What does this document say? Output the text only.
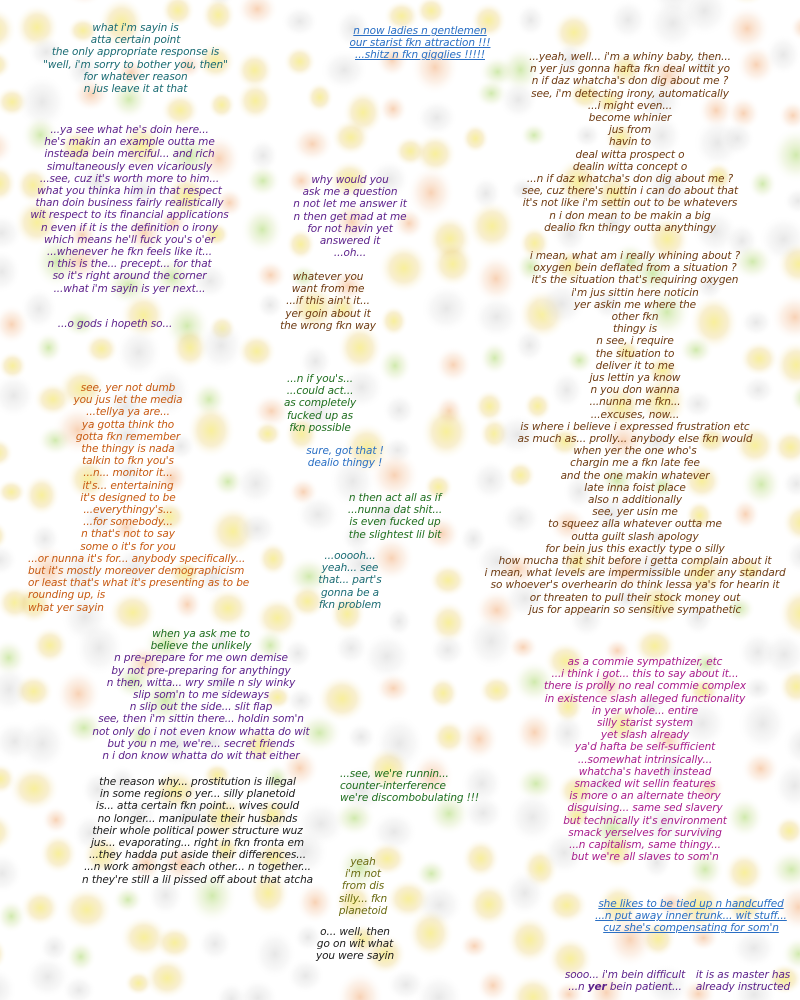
what i'm sayin is
atta certain point
the only appropriate response is
"well, i'm sorry to bother you, then"
for whatever reason
n jus leave it at that
n now ladies n gentlemen
our starist fkn attraction !!!
...shitz n fkn gigglies !!!!!	...yeah, well... i'm a whiny baby, then...
n yer jus gonna hafta fkn deal wittit yo
n if daz whatcha's don dig about me ?
see, i'm detecting irony, automatically
...i might even...
become whinier
jus from
havin to
deal witta prospect o
dealin witta concept o
...n if daz whatcha's don dig about me ?
see, cuz there's nuttin i can do about that
it's not like i'm settin out to be whatevers
n i don mean to be makin a big
dealio fkn thingy outta anythingy
...ya see what he's doin here...
he's makin an example outta me
insteada bein merciful... and rich
simultaneously even vicariously
...see, cuz it's worth more to him...
what you thinka him in that respect
than doin business fairly realistically
wit respect to its financial applications
n even if it is the definition o irony
which means he'll fuck you's o'er
...whenever he fkn feels like it...
n this is the... precept... for that
so it's right around the corner
...what i'm sayin is yer next...
why would you
ask me a question
n not let me answer it
n then get mad at me
for not havin yet
answered it
...oh...
whatever you
want from me
...if this ain't it...
yer goin about it
the wrong fkn way
...o gods i hopeth so...
...n if you's...
...could act...
as completely
fucked up as
fkn possible
sure, got that !
dealio thingy !
see, yer not dumb
you jus let the media
...tellya ya are...
ya gotta think tho
gotta fkn remember
the thingy is nada
talkin to fkn you's
...n... monitor it...
it's... entertaining
it's designed to be
...everythingy's...
...for somebody...
n that's not to say
some o it's for you
...or nunna it's for... anybody specifically...
but it's mostly moreover demographicism
or least that's what it's presenting as to be
rounding up, is
what yer sayin
i mean, what am i really whining about ?
oxygen bein deflated from a situation ?
it's the situation that's requiring oxygen
i'm jus sittin here noticin
yer askin me where the
other fkn
thingy is
n see, i require
the situation to
deliver it to me
jus lettin ya know
n you don wanna
...nunna me fkn...
...excuses, now...
is where i believe i expressed frustration etc
as much as... prolly... anybody else fkn would
when yer the one who's
chargin me a fkn late fee
and the one makin whatever
late inna foist place
also n additionally
see, yer usin me
to squeez alla whatever outta me
outta guilt slash apology
for bein jus this exactly type o silly
how mucha that shit before i getta complain about it
i mean, what levels are impermissible under any standard
so whoever's overhearin do think lessa ya's for hearin it
or threaten to pull their stock money out
jus for appearin so sensitive sympathetic
n then act all as if
...nunna dat shit...
is even fucked up
the slightest lil bit
...ooooh...
yeah... see
that... part's
gonna be a
fkn problem
when ya ask me to
believe the unlikely
n pre-prepare for me own demise
by not pre-preparing for anythingy
n then, witta... wry smile n sly winky
slip som'n to me sideways
n slip out the side... slit flap
see, then i'm sittin there... holdin som'n
not only do i not even know whatta do wit
but you n me, we're... secret friends
n i don know whatta do wit that either
...see, we're runnin...
counter-interference
we're discombobulating !!!
as a commie sympathizer, etc
...i think i got... this to say about it...
there is prolly no real commie complex
in existence slash alleged functionality
in yer whole... entire
silly starist system
yet slash already
ya'd hafta be self-sufficient
...somewhat intrinsically...
whatcha's haveth instead
smacked wit sellin features
is more o an alternate theory
disguising... same sed slavery
but technically it's environment
smack yerselves for surviving
...n capitalism, same thingy...
but we're all slaves to som'n
the reason why... prostitution is illegal
in some regions o yer... silly planetoid
is... atta certain fkn point... wives could
no longer... manipulate their husbands
their whole political power structure wuz
jus... evaporating... right in fkn fronta em
...they hadda put aside their differences...
...n work amongst each other... n together...
n they're still a lil pissed off about that atcha
yeah
i'm not
from dis
silly... fkn
planetoid
o... well, then
go on wit what
you were sayin
she likes to be tied up n handcuffed
...n put away inner trunk... wit stuff...
cuz she's compensating for som'n
sooo... i'm bein difficult
...n yer bein patient...
it is as master has
already instructed
